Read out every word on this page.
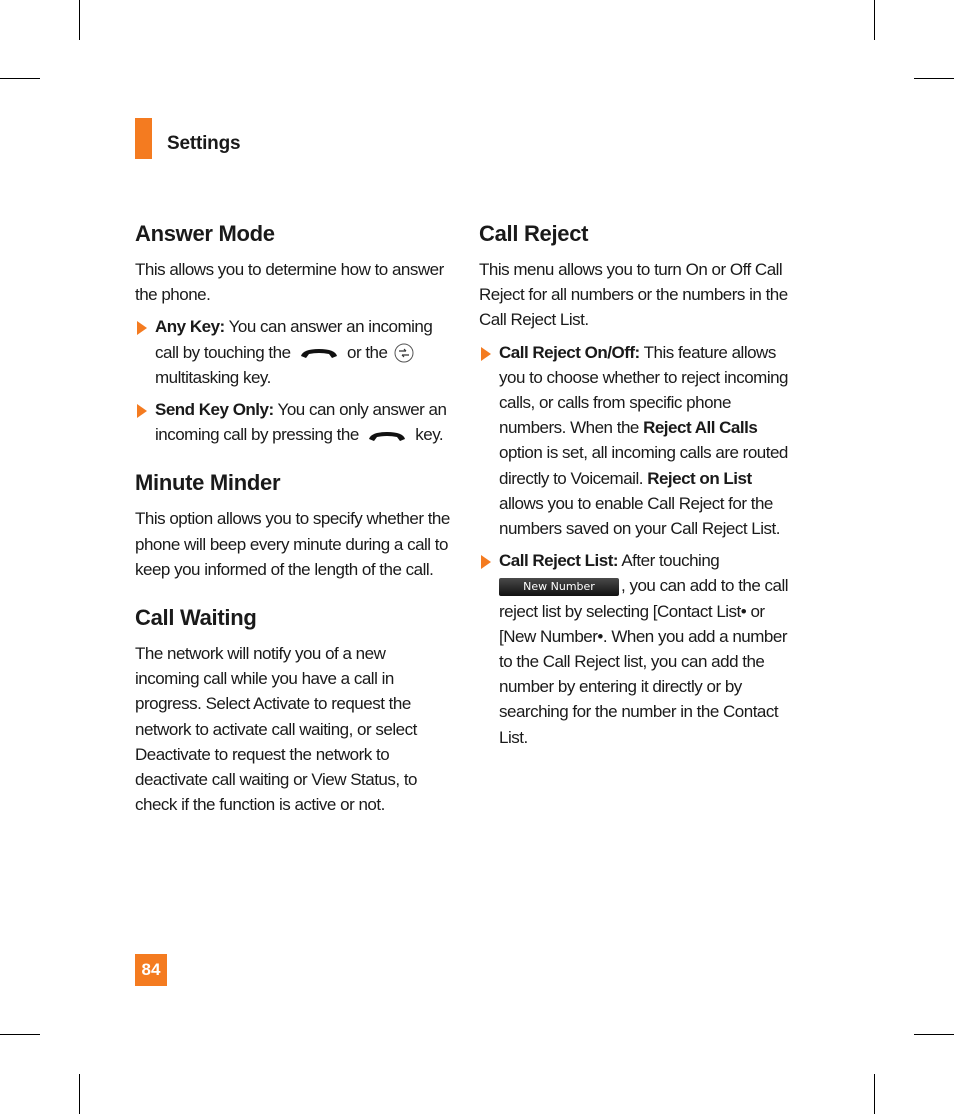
Settings
Answer Mode

This allows you to determine how to answer the phone.

Any Key: You can answer an incoming call by touching the	or the  multitasking key.
Send Key Only: You can only answer an incoming call by pressing the	key.
Minute Minder

This option allows you to specify whether the phone will beep every minute during a call to keep you informed of the length of the call.

Call Waiting

The network will notify you of a new incoming call while you have a call in progress. Select Activate to request the network to activate call waiting, or select Deactivate to request the network to deactivate call waiting or View Status, to check if the function is active or not.

Call Reject

This menu allows you to turn On or Off Call Reject for all numbers or the numbers in the Call Reject List.

Call Reject On/Off: This feature allows you to choose whether to reject incoming calls, or calls from specific phone numbers. When the Reject All Calls option is set, all incoming calls are routed directly to Voicemail. Reject on List allows you to enable Call Reject for the numbers saved on your Call Reject List.
Call Reject List: After touching
New Number , you can add to the call reject list by selecting [Contact List• or [New Number•. When you add a number to the Call Reject list, you can add the number by entering it directly or by searching for the number in the Contact List.
84
